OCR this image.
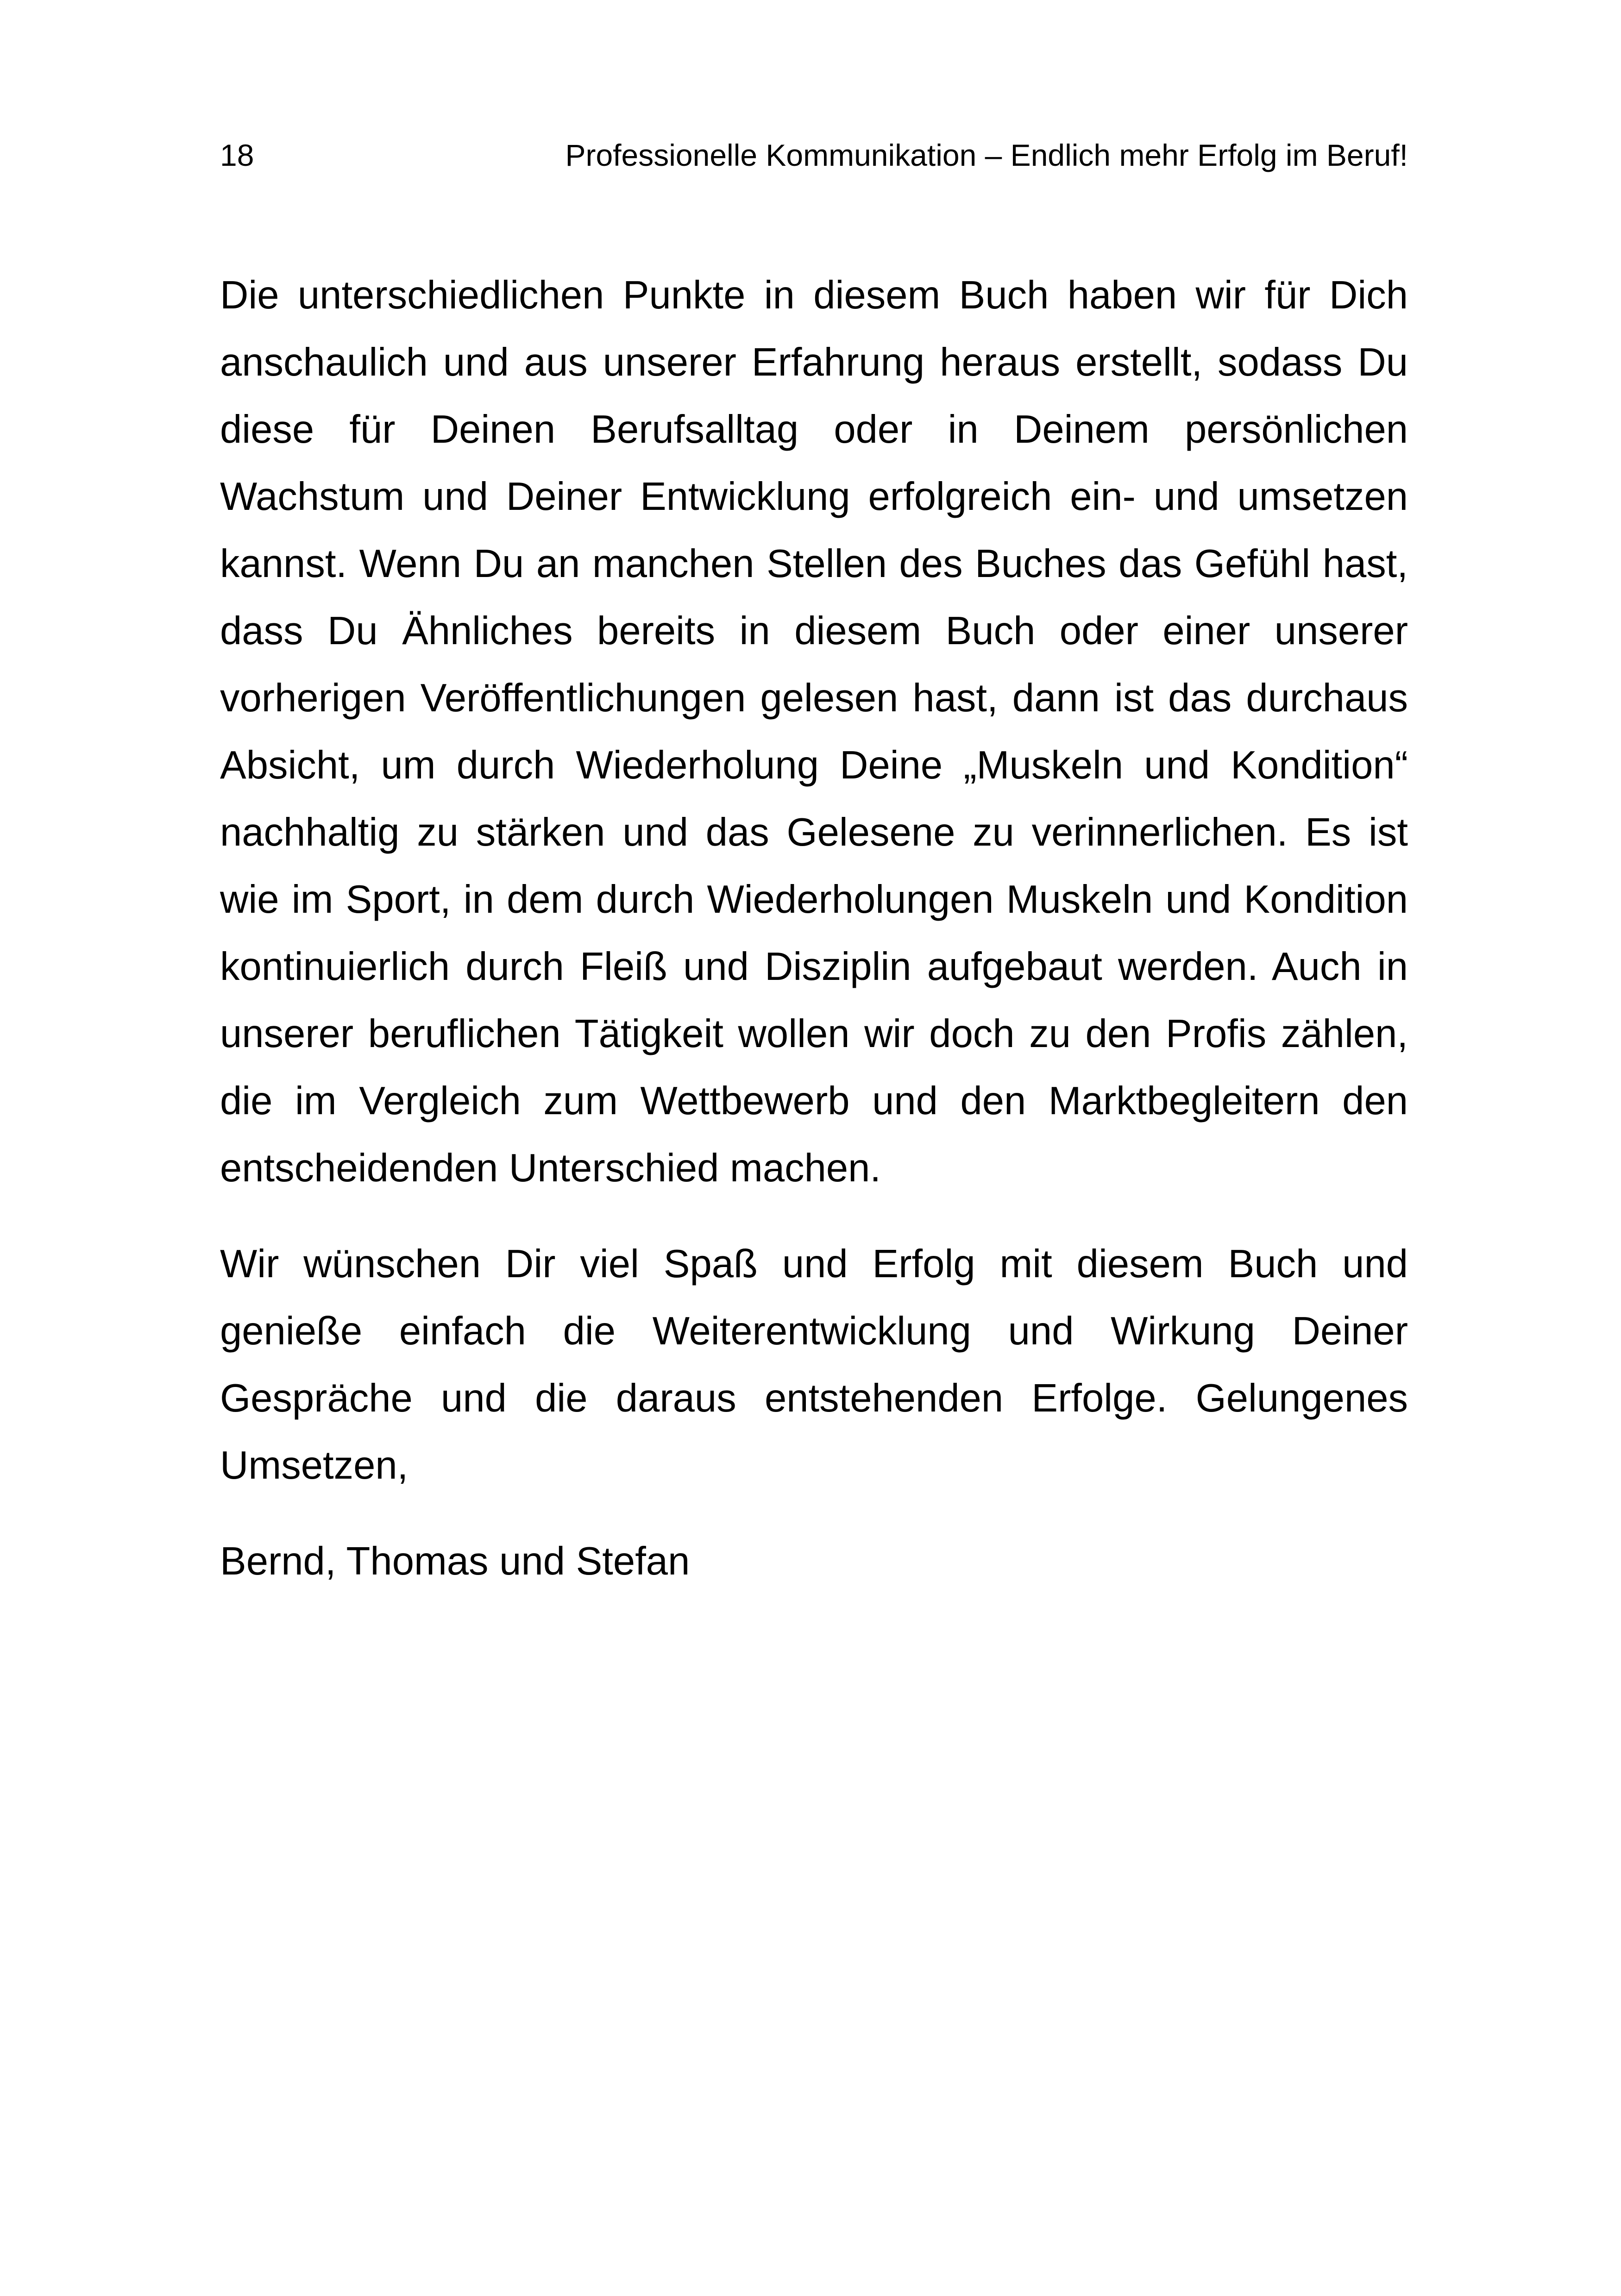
18	Professionelle Kommunikation – Endlich mehr Erfolg im Beruf!

Die unterschiedlichen Punkte in diesem Buch haben wir für Dich anschaulich und aus unserer Erfahrung heraus erstellt, sodass Du diese für Deinen Berufsalltag oder in Deinem persönlichen Wachstum und Deiner Entwicklung erfolgreich ein- und umsetzen kannst. Wenn Du an manchen Stellen des Buches das Gefühl hast, dass Du Ähnliches bereits in diesem Buch oder einer unserer vorherigen Veröffentlichungen gelesen hast, dann ist das durchaus Absicht, um durch Wiederholung Deine „Muskeln und Kondition“ nachhaltig zu stärken und das Gelesene zu verinnerlichen. Es ist wie im Sport, in dem durch Wiederholungen Muskeln und Kondition kontinuierlich durch Fleiß und Disziplin aufgebaut werden. Auch in unserer beruflichen Tätigkeit wollen wir doch zu den Profis zählen, die im Vergleich zum Wettbewerb und den Marktbegleitern den entscheidenden Unterschied machen.

Wir wünschen Dir viel Spaß und Erfolg mit diesem Buch und genieße einfach die Weiterentwicklung und Wirkung Deiner Gespräche und die daraus entstehenden Erfolge. Gelungenes Umsetzen,

Bernd, Thomas und Stefan
